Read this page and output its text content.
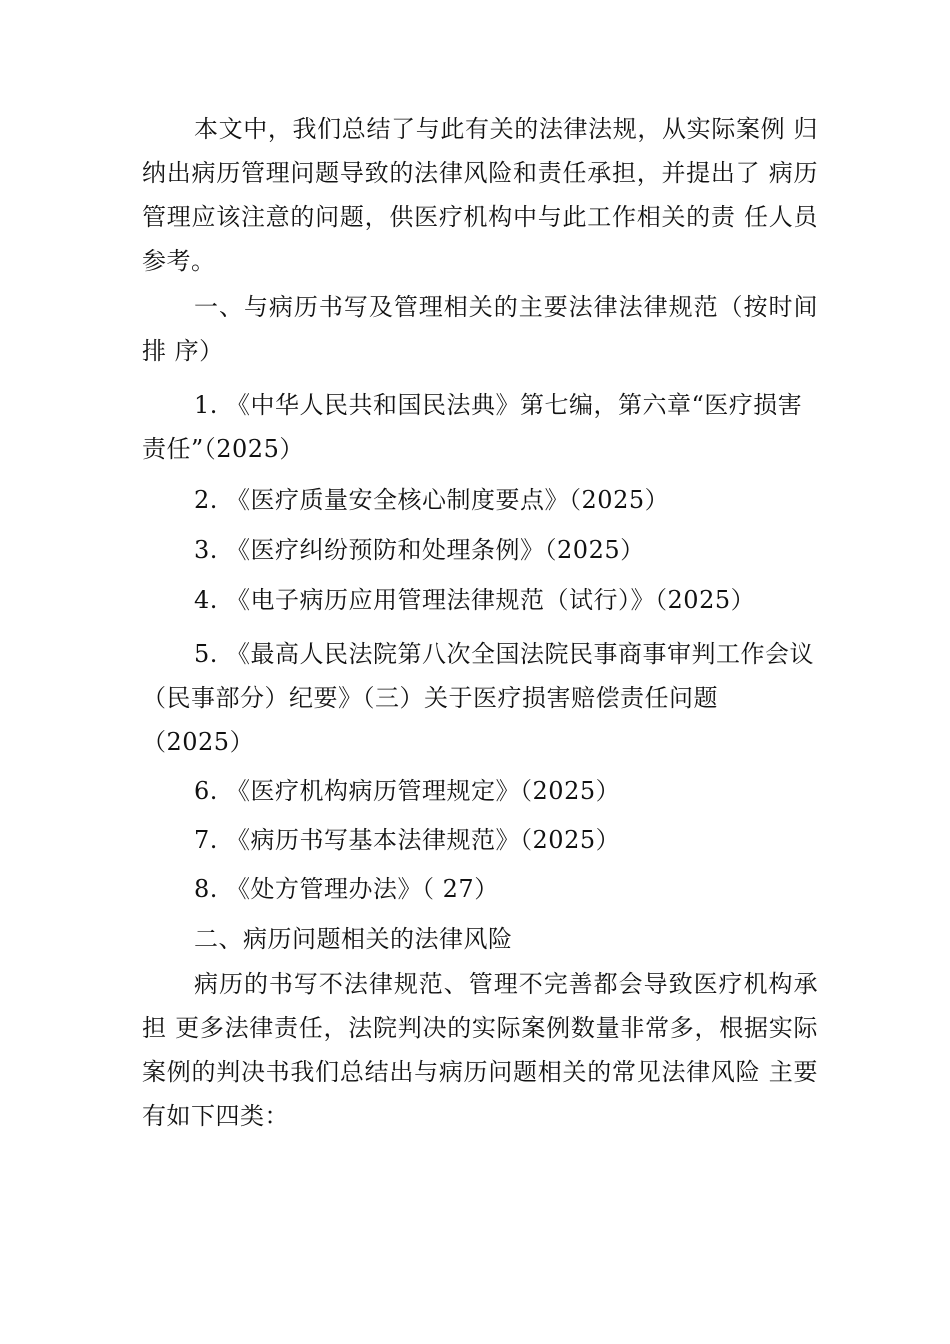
本文中，我们总结了与此有关的法律法规，从实际案例 归纳出病历管理问题导致的法律风险和责任承担，并提出了 病历管理应该注意的问题，供医疗机构中与此工作相关的责 任人员参考。

一、与病历书写及管理相关的主要法律法律规范（按时间排 序）

1. 《中华人民共和国民法典》第七编，第六章“医疗损害责任”（2025）

2. 《医疗质量安全核心制度要点》（2025）

3. 《医疗纠纷预防和处理条例》（2025）

4. 《电子病历应用管理法律规范（试行）》（2025）

5. 《最高人民法院第八次全国法院民事商事审判工作会议（民事部分）纪要》（三）关于医疗损害赔偿责任问题（2025）

6. 《医疗机构病历管理规定》（2025）

7. 《病历书写基本法律规范》（2025）

8. 《处方管理办法》（ 27）

二、病历问题相关的法律风险

病历的书写不法律规范、管理不完善都会导致医疗机构承担 更多法律责任，法院判决的实际案例数量非常多，根据实际案例的判决书我们总结出与病历问题相关的常见法律风险 主要有如下四类：
